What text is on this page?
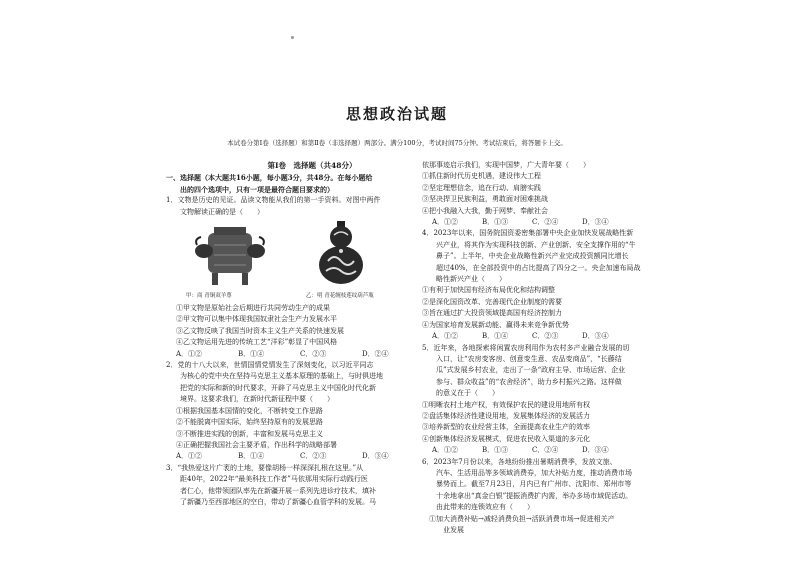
思想政治试题
本试卷分第Ⅰ卷（选择题）和第Ⅱ卷（非选择题）两部分。满分100分，考试时间75分钟。考试结束后，将答题卡上交。
第Ⅰ卷　选择题（共48分）

一、选择题（本大题共16小题，每小题3分，共48分。在每小题给

　　出的四个选项中，只有一项是最符合题目要求的）

1．文物是历史的见证。品读文物能从我们的第一手资料。对图中两件

　　文物解读正确的是（　　）

甲：商 青铜双羊尊	乙：明 青花缠枝莲纹葫芦瓶

①甲文物是原始社会后期进行共同劳动生产的成果

②甲文物可以集中体现我国奴隶社会生产力发展水平

③乙文物反映了我国当时资本主义生产关系的快速发展

④乙文物运用先进的传统工艺“洋彩”彰显了中国风格

A．①②	B．①④	C．②③	D．②④

2．党的十八大以来，世情国情党情发生了深刻变化，以习近平同志

　　为核心的党中央在坚持马克思主义基本原理的基础上，与时俱进地

　　把党的实际和新的时代要求，开辟了马克思主义中国化时代化新

　　境界。这要求我们，在新时代新征程中要（　　）

①根据我国基本国情的变化，不断转变工作思路

②不能脱离中国实际，始终坚持原有的发展思路

③不断推进实践的创新，丰富和发展马克思主义

④正确把握我国社会主要矛盾，作出科学的战略部署

A．①②	B．①④	C．②③	D．③④

3．“我热爱这片广袤的土地，要像胡杨一样深深扎根在这里。”从

　　距40年，2022年“最美科技工作者”马依那用实际行动践行医

　　者仁心，他带领团队率先在新疆开展一系列先进诊疗技术，填补

　　了新疆乃至西部地区的空白，带动了新疆心血管学科的发展。马

依那事迹启示我们，实现中国梦，广大青年要（　　）

①抓住新时代历史机遇，建设伟大工程

②坚定理想信念，追在行动、肩膀实践

③坚决捍卫民族利益，勇敢面对困难挑战

④把小我融入大我，勤于网梦、奉献社会

A．①②	B．①③	C．②④	D．③④

4．2023年以来，国务院国资委密集部署中央企业加快发展战略性新

　　兴产业，将其作为实现科技创新、产业创新、安全支撑作用的“牛

　　鼻子”。上半年，中央企业战略性新兴产业完成投资额同比增长

　　超过40%，在全部投资中的占比提高了四分之一。央企加速布局战

　　略性新兴产业（　　）

①有利于加快国有经济布局优化和结构调整

②是深化国资改革、完善现代企业制度的需要

③旨在通过扩大投资领域提高国有经济控制力

④为国家培育发展新动能、赢得未来竞争新优势

A．①②	B．①④	C．②③	D．③④

5．近年来，各地探索将闲置农房利用作为农村多产业融合发展的切

　　入口，让“农房变客房、创意变生意、农品变商品”，“长藤结

　　瓜”式发展乡村农业，走出了一条“政府主导、市场运营、企业

　　参与、群众收益”的“农舍经济”，助力乡村振兴之路。这样做

　　的意义在于（　　）

①明晰农村土地产权，有效保护农民的建设用地所有权

②盘活集体经济性建设用地，发展集体经济的发展活力

③培养新型的农业经营主体，全面提高农业生产的效率

④创新集体经济发展模式，促进农民收入渠道的多元化

A．①②	B．①③	C．②④	D．③④

6．2023年7月份以来，各地纷纷推出暑期消费季，发放文旅、

　　汽车、生活用品等多领域消费券，加大补贴力度，推动消费市场

　　暴势而上。截至7月23日，月内已有广州市、沈阳市、郑州市等

　　十余地拿出“真金白银”提振消费扩内需，举办多场市域促活动。

　　由此带来的连锁效应有（　　）

　①加大消费补贴→减轻消费负担→活跃消费市场→促进相关产

　　　业发展
